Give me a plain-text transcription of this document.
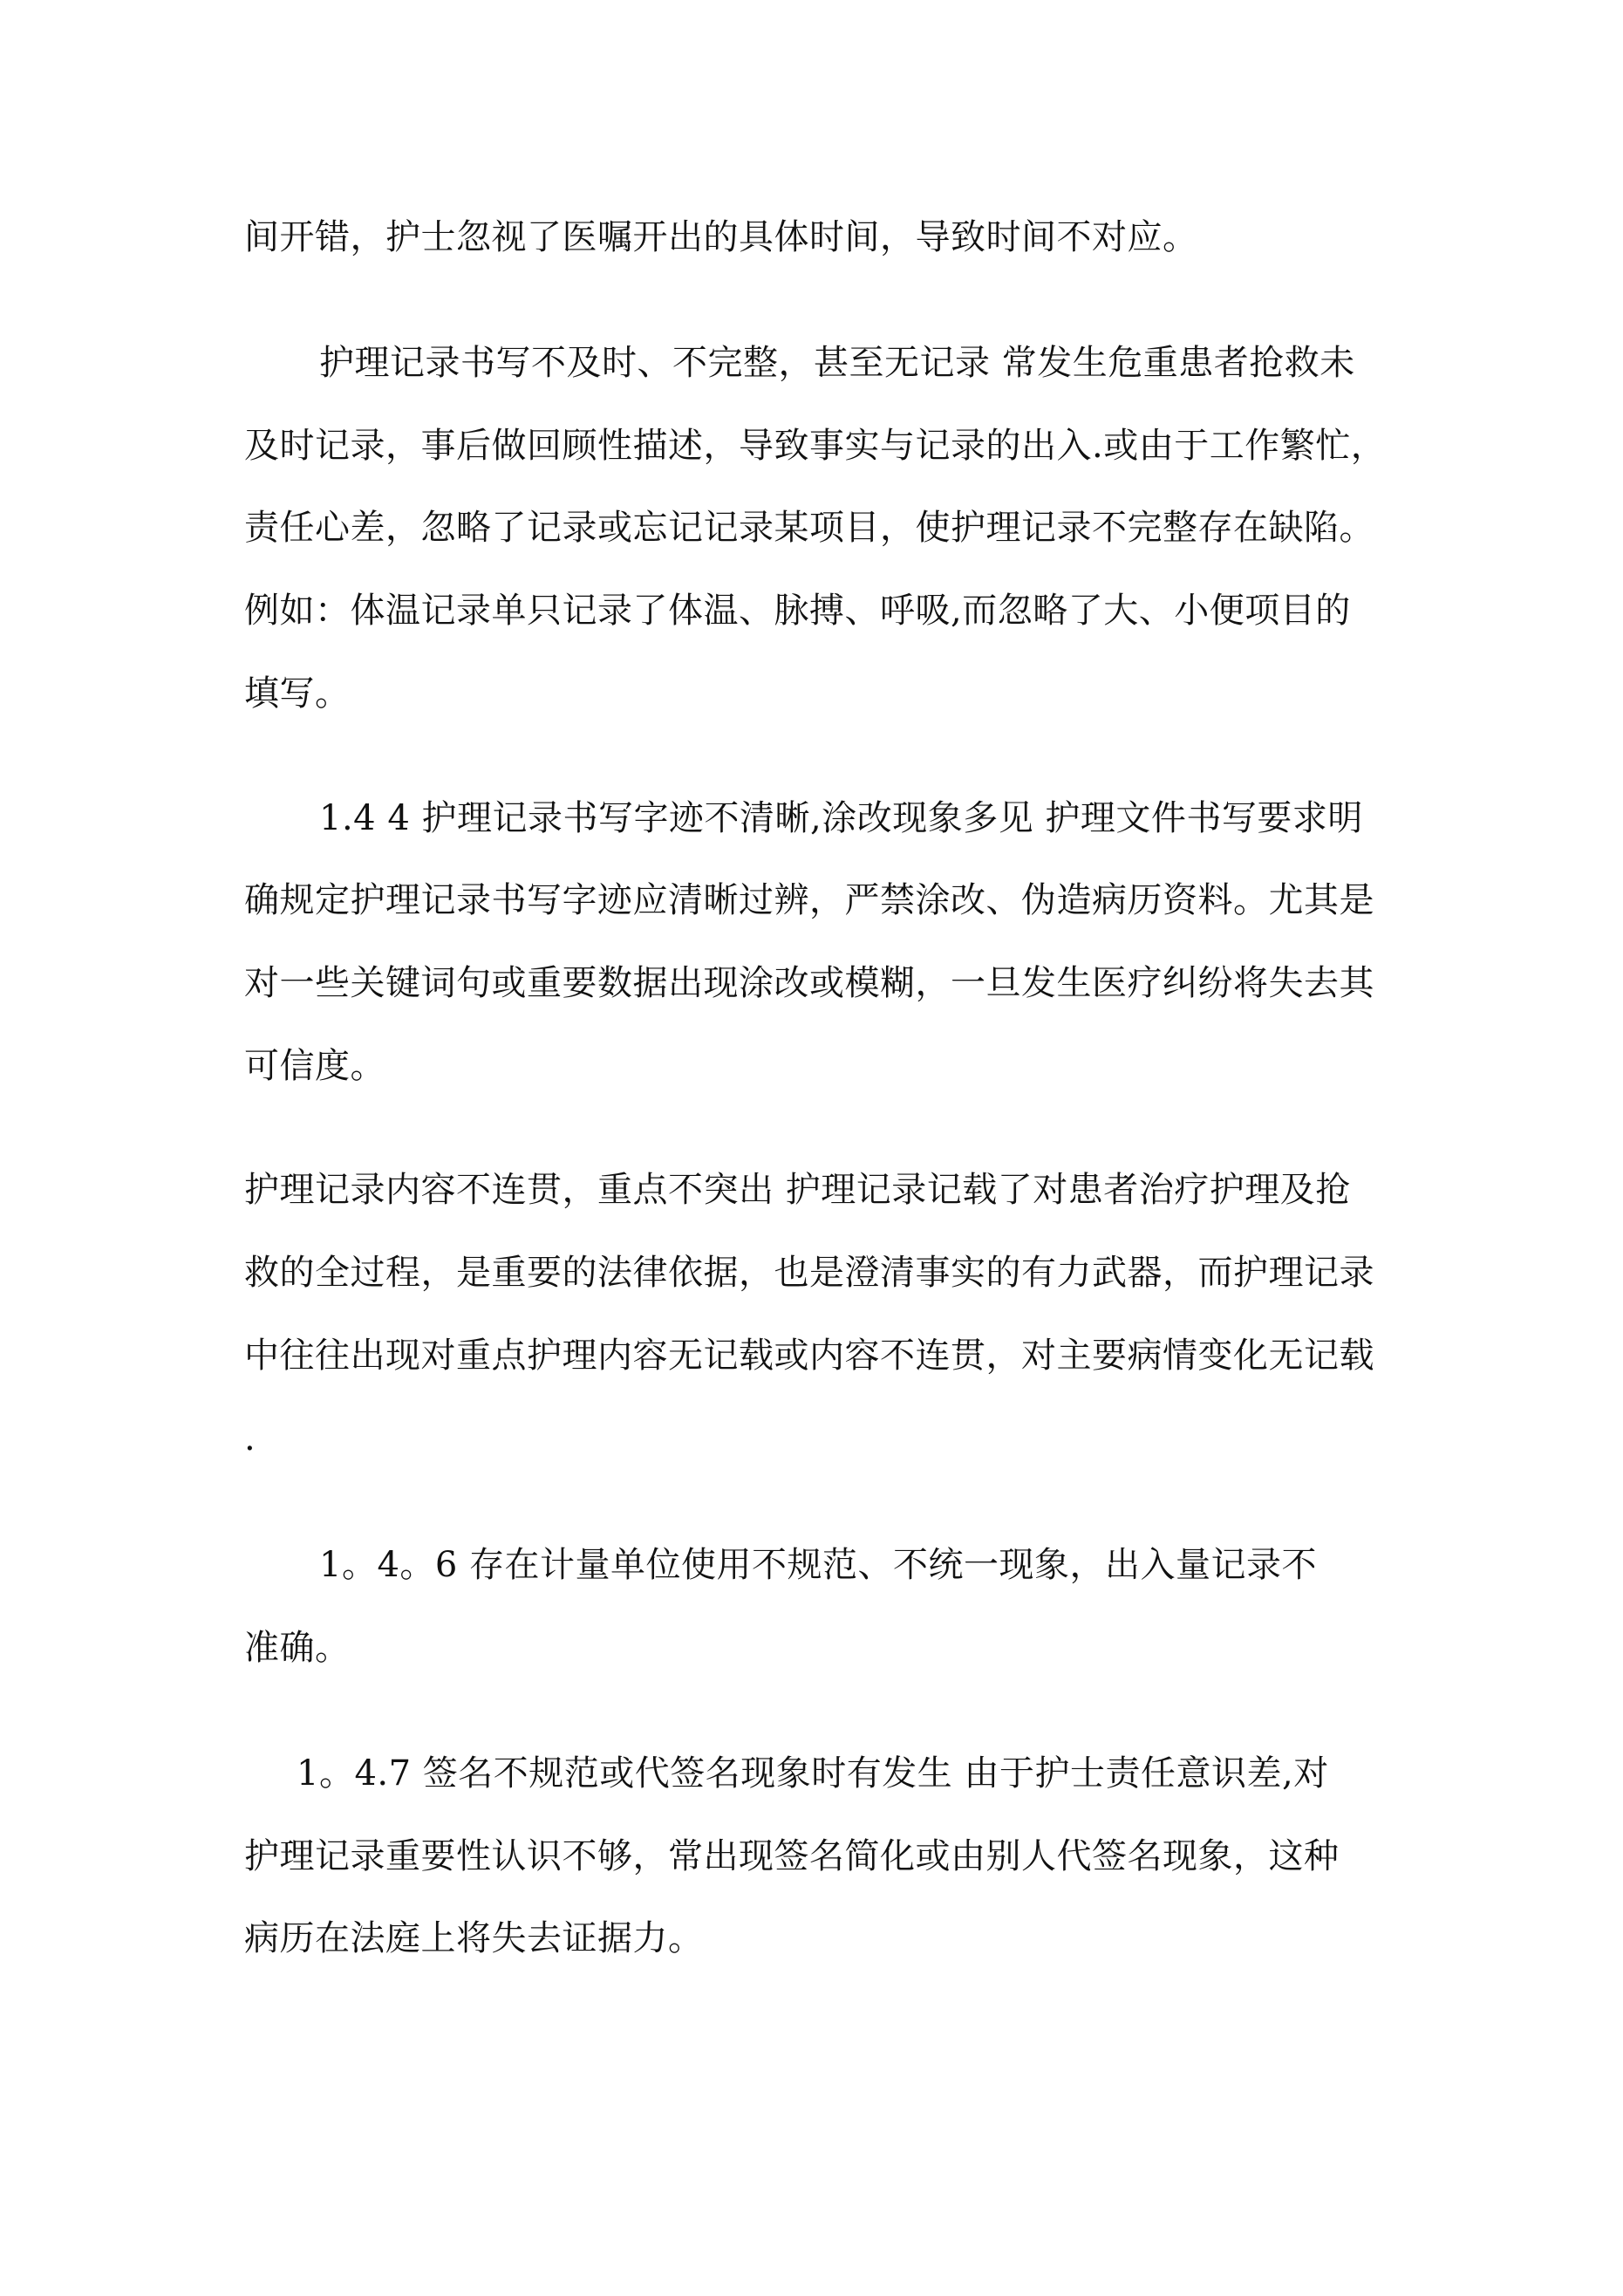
间开错，护士忽视了医嘱开出的具体时间，导致时间不对应。
护理记录书写不及时、不完整，甚至无记录 常发生危重患者抢救未
及时记录，事后做回顾性描述，导致事实与记录的出入.或由于工作繁忙，
责任心差，忽略了记录或忘记记录某项目，使护理记录不完整存在缺陷。
例如：体温记录单只记录了体温、脉搏、呼吸,而忽略了大、小便项目的
填写。
1.4 4 护理记录书写字迹不清晰,涂改现象多见 护理文件书写要求明
确规定护理记录书写字迹应清晰过辨，严禁涂改、伪造病历资料。尤其是
对一些关键词句或重要数据出现涂改或模糊，一旦发生医疗纠纷将失去其
可信度。
护理记录内容不连贯，重点不突出 护理记录记载了对患者治疗护理及抢
救的全过程，是重要的法律依据，也是澄清事实的有力武器，而护理记录
中往往出现对重点护理内容无记载或内容不连贯，对主要病情变化无记载
.
1。4。6 存在计量单位使用不规范、不统一现象，出入量记录不
准确。
1。4.7 签名不规范或代签名现象时有发生 由于护士责任意识差,对
护理记录重要性认识不够，常出现签名简化或由别人代签名现象，这种
病历在法庭上将失去证据力。
